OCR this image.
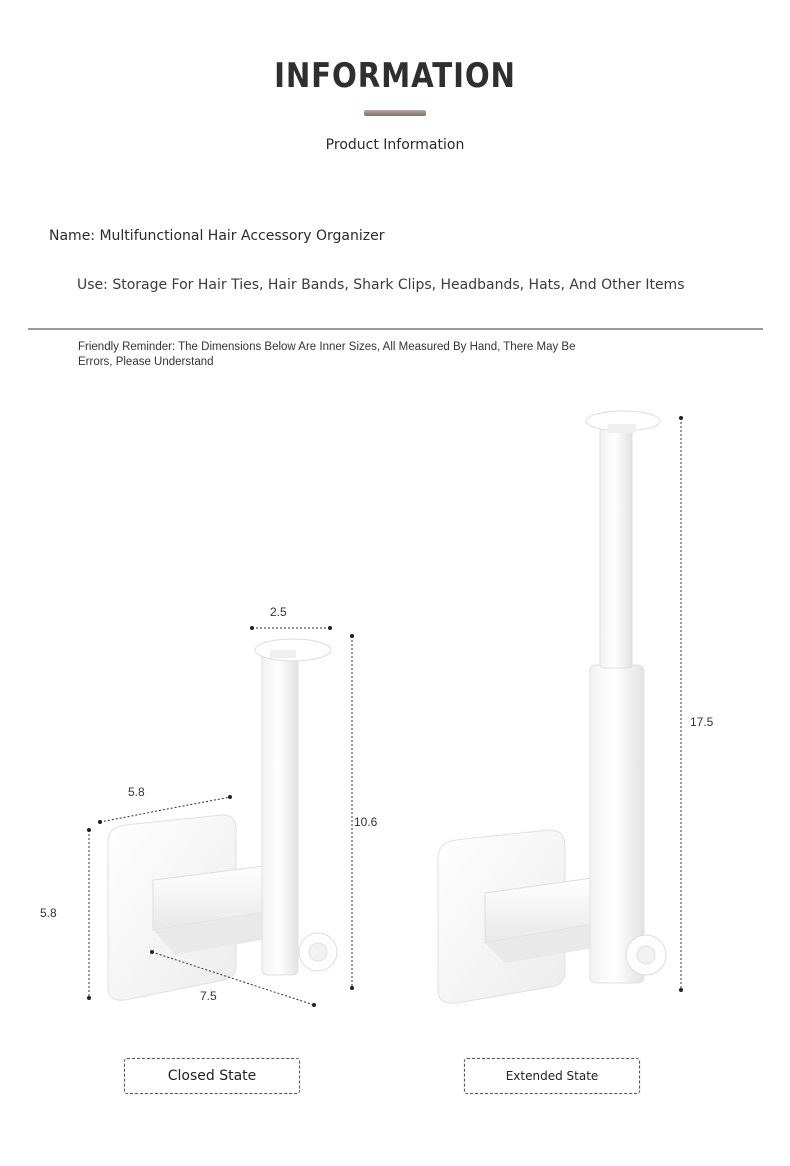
INFORMATION
Product Information
Name: Multifunctional Hair Accessory Organizer
Use: Storage For Hair Ties, Hair Bands, Shark Clips, Headbands, Hats, And Other Items
Friendly Reminder: The Dimensions Below Are Inner Sizes, All Measured By Hand, There May Be Errors, Please Understand
2.5
10.6
5.8
5.8
7.5
17.5
Closed State	Extended State
